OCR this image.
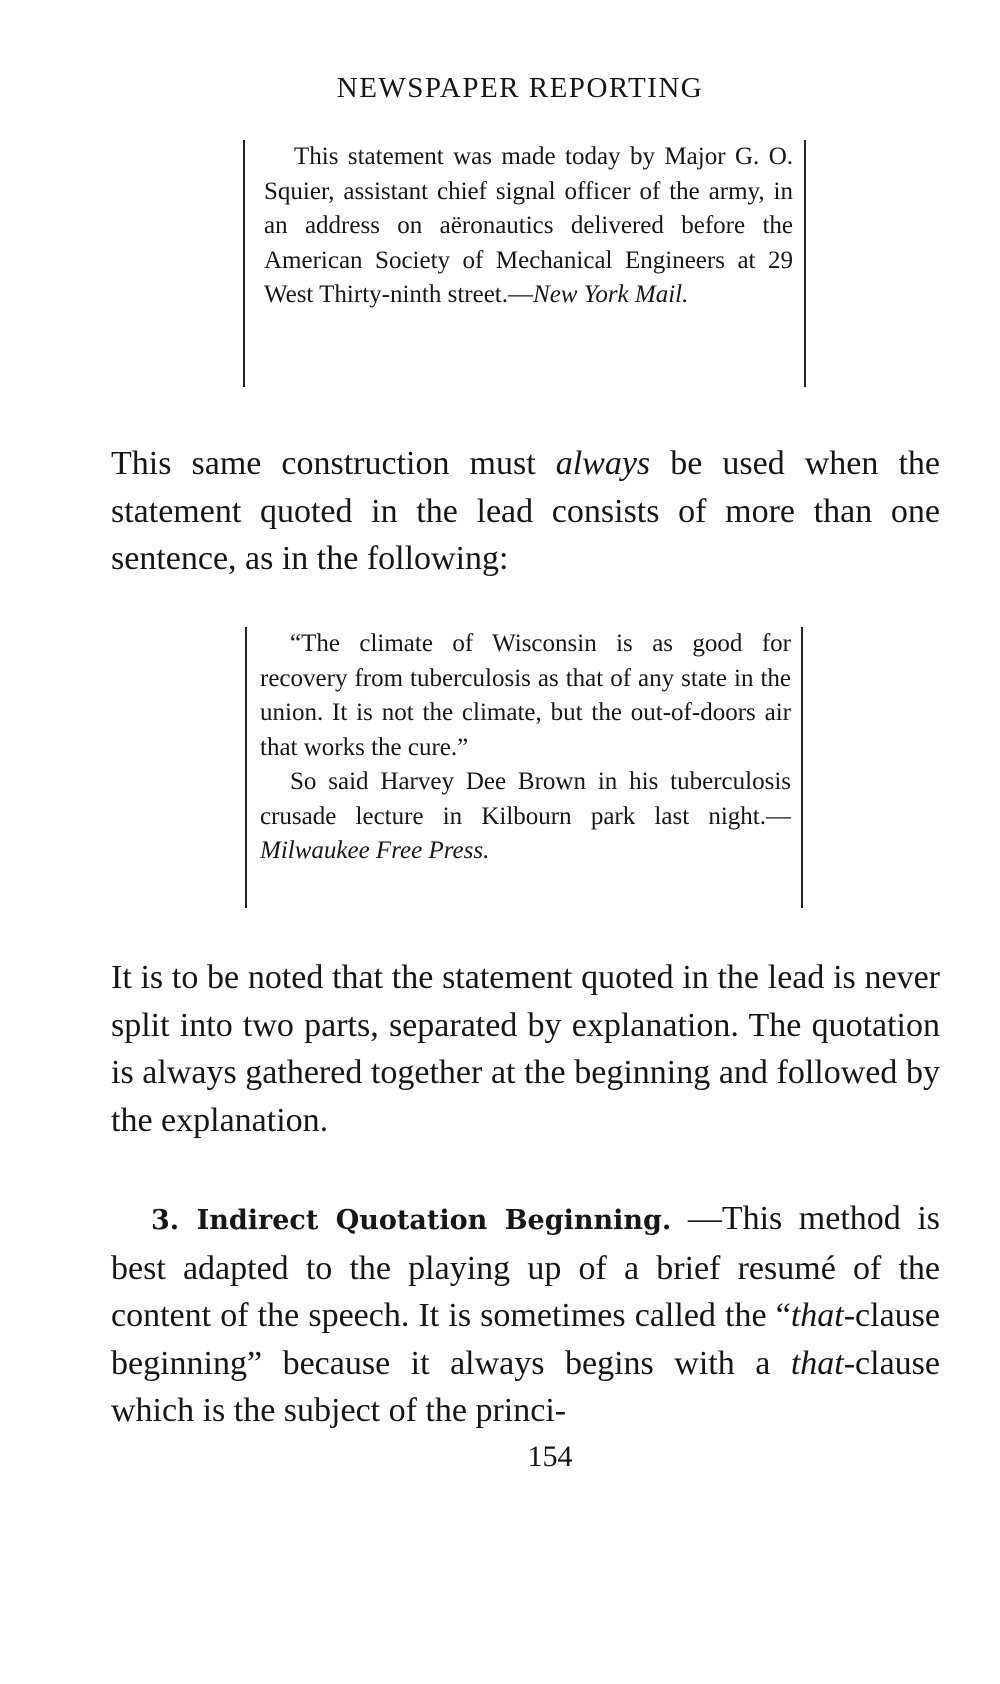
NEWSPAPER REPORTING

This statement was made today by Major G. O. Squier, assistant chief signal officer of the army, in an address on aëronautics delivered before the American Society of Mechanical Engineers at 29 West Thirty-ninth street.—New York Mail.

This same construction must always be used when the statement quoted in the lead consists of more than one sentence, as in the following:

“The climate of Wisconsin is as good for recovery from tuberculosis as that of any state in the union. It is not the climate, but the out-of-doors air that works the cure.”

So said Harvey Dee Brown in his tuberculosis crusade lecture in Kilbourn park last night.—Milwaukee Free Press.

It is to be noted that the statement quoted in the lead is never split into two parts, separated by explanation. The quotation is always gathered together at the beginning and followed by the explanation.

3. Indirect Quotation Beginning. —This method is best adapted to the playing up of a brief resumé of the content of the speech. It is sometimes called the “that-clause beginning” because it always begins with a that-clause which is the subject of the princi-

154
